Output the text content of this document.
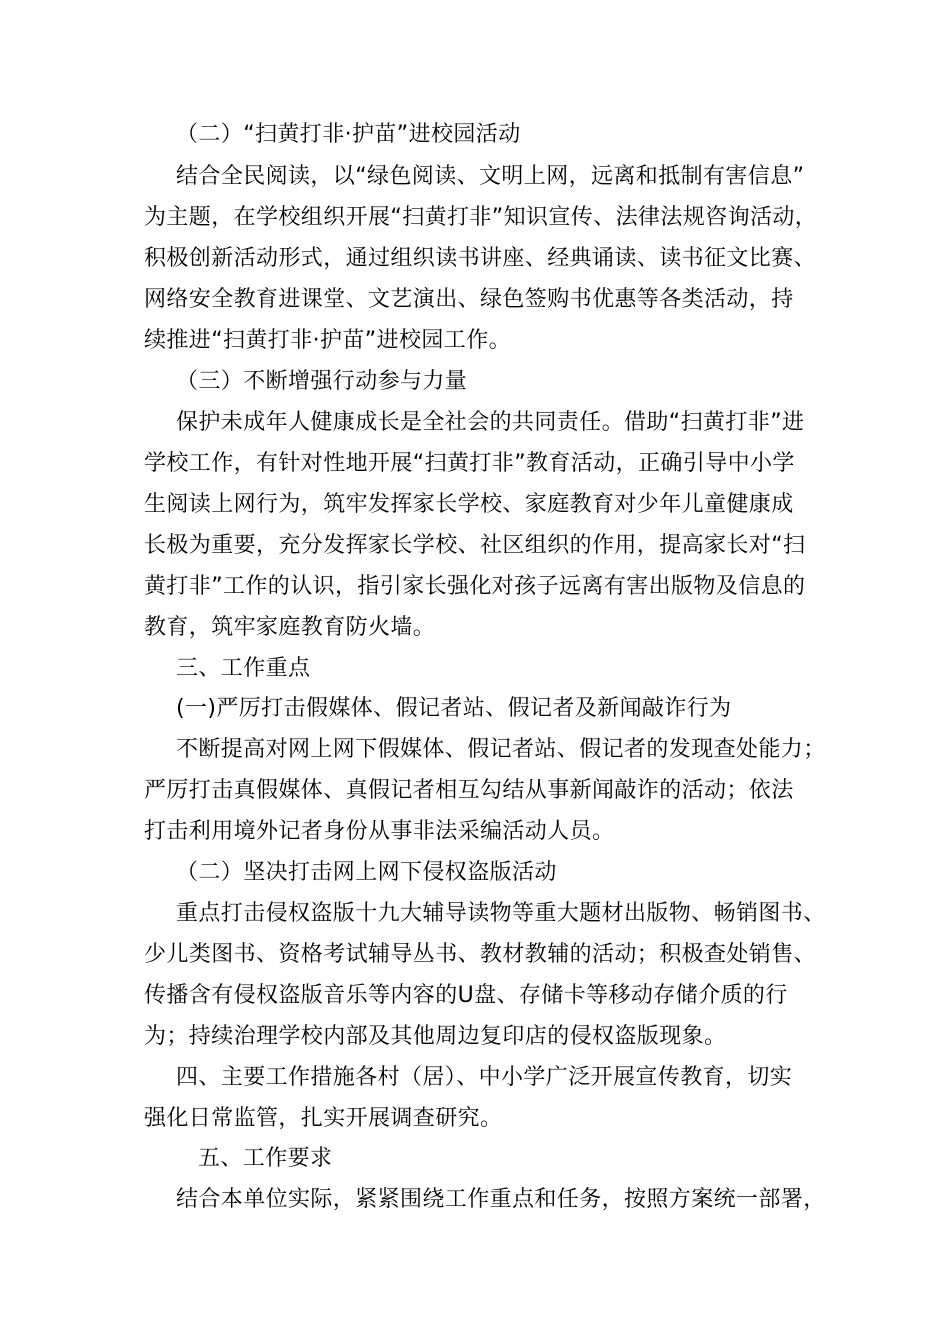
（二）“扫黄打非·护苗”进校园活动
结合全民阅读，以“绿色阅读、文明上网，远离和抵制有害信息”
为主题，在学校组织开展“扫黄打非”知识宣传、法律法规咨询活动，
积极创新活动形式，通过组织读书讲座、经典诵读、读书征文比赛、
网络安全教育进课堂、文艺演出、绿色签购书优惠等各类活动，持
续推进“扫黄打非·护苗”进校园工作。
（三）不断增强行动参与力量
保护未成年人健康成长是全社会的共同责任。借助“扫黄打非”进
学校工作，有针对性地开展“扫黄打非”教育活动，正确引导中小学
生阅读上网行为，筑牢发挥家长学校、家庭教育对少年儿童健康成
长极为重要，充分发挥家长学校、社区组织的作用，提高家长对“扫
黄打非”工作的认识，指引家长强化对孩子远离有害出版物及信息的
教育，筑牢家庭教育防火墙。
三、工作重点
(一)严厉打击假媒体、假记者站、假记者及新闻敲诈行为
不断提高对网上网下假媒体、假记者站、假记者的发现查处能力；
严厉打击真假媒体、真假记者相互勾结从事新闻敲诈的活动；依法
打击利用境外记者身份从事非法采编活动人员。
（二）坚决打击网上网下侵权盗版活动
重点打击侵权盗版十九大辅导读物等重大题材出版物、畅销图书、
少儿类图书、资格考试辅导丛书、教材教辅的活动；积极查处销售、
传播含有侵权盗版音乐等内容的U盘、存储卡等移动存储介质的行
为；持续治理学校内部及其他周边复印店的侵权盗版现象。
四、主要工作措施各村（居）、中小学广泛开展宣传教育，切实
强化日常监管，扎实开展调查研究。
五、工作要求
结合本单位实际，紧紧围绕工作重点和任务，按照方案统一部署，
